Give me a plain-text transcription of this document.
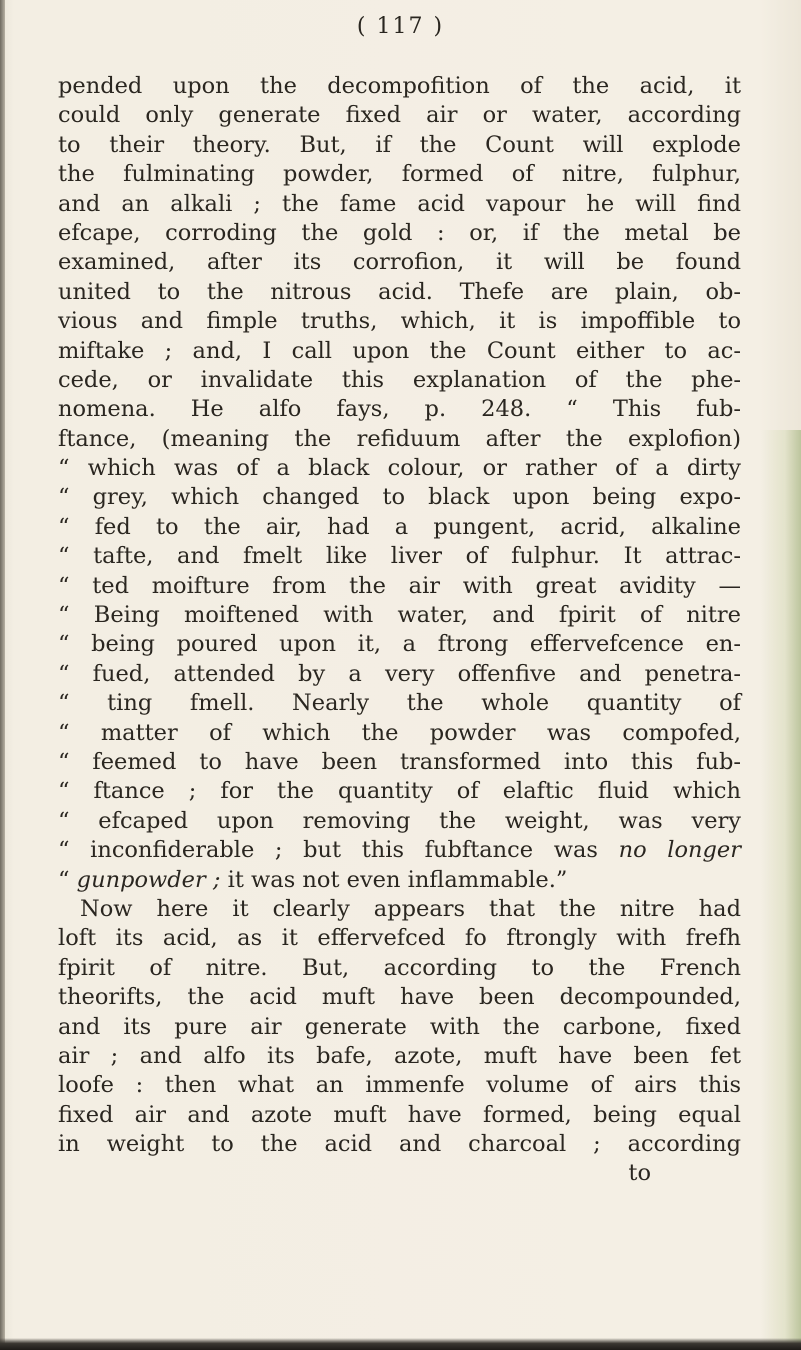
( 117 )
pended upon the decompofition of the acid, it
could only generate fixed air or water, according
to their theory. But, if the Count will explode
the fulminating powder, formed of nitre, fulphur,
and an alkali ; the fame acid vapour he will find
efcape, corroding the gold : or, if the metal be
examined, after its corrofion, it will be found
united to the nitrous acid. Thefe are plain, ob-
vious and fimple truths, which, it is impoffible to
miftake ; and, I call upon the Count either to ac-
cede, or invalidate this explanation of the phe-
nomena. He alfo fays, p. 248. “ This fub-
ftance, (meaning the refiduum after the explofion)
“ which was of a black colour, or rather of a dirty
“ grey, which changed to black upon being expo-
“ fed to the air, had a pungent, acrid, alkaline
“ tafte, and fmelt like liver of fulphur. It attrac-
“ ted moifture from the air with great avidity —
“ Being moiftened with water, and fpirit of nitre
“ being poured upon it, a ftrong effervefcence en-
“ fued, attended by a very offenfive and penetra-
“ ting fmell. Nearly the whole quantity of
“ matter of which the powder was compofed,
“ feemed to have been transformed into this fub-
“ ftance ; for the quantity of elaftic fluid which
“ efcaped upon removing the weight, was very
“ inconfiderable ; but this fubftance was no longer
“ gunpowder ; it was not even inflammable.”
Now here it clearly appears that the nitre had
loft its acid, as it effervefced fo ftrongly with frefh
fpirit of nitre. But, according to the French
theorifts, the acid muft have been decompounded,
and its pure air generate with the carbone, fixed
air ; and alfo its bafe, azote, muft have been fet
loofe : then what an immenfe volume of airs this
fixed air and azote muft have formed, being equal
in weight to the acid and charcoal ; according
to
